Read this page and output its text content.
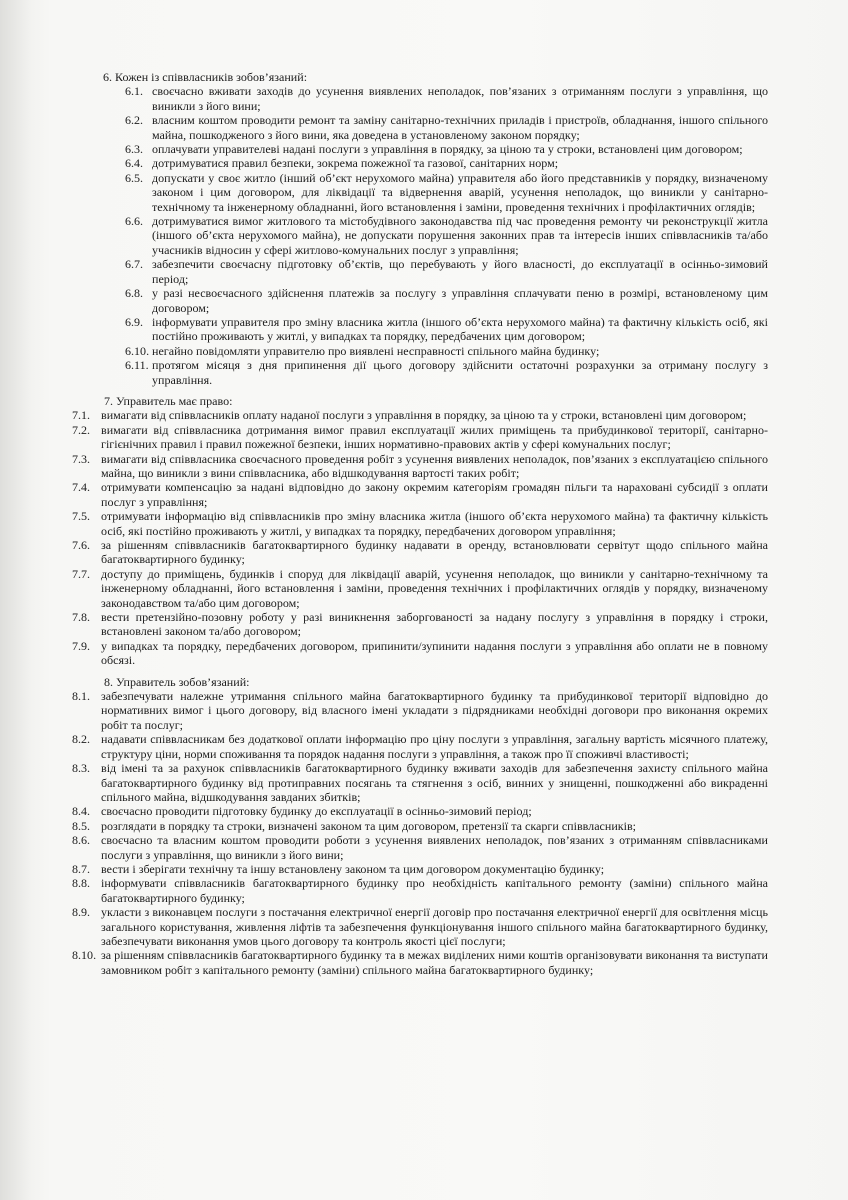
6. Кожен із співвласників зобов’язаний:

6.1. своєчасно вживати заходів до усунення виявлених неполадок, пов’язаних з отриманням послуги з управління, що виникли з його вини;

6.2. власним коштом проводити ремонт та заміну санітарно-технічних приладів і пристроїв, обладнання, іншого спільного майна, пошкодженого з його вини, яка доведена в установленому законом порядку;

6.3. оплачувати управителеві надані послуги з управління в порядку, за ціною та у строки, встановлені цим договором;

6.4. дотримуватися правил безпеки, зокрема пожежної та газової, санітарних норм;

6.5. допускати у своє житло (інший об’єкт нерухомого майна) управителя або його представників у порядку, визначеному законом і цим договором, для ліквідації та відвернення аварій, усунення неполадок, що виникли у санітарно-технічному та інженерному обладнанні, його встановлення і заміни, проведення технічних і профілактичних оглядів;

6.6. дотримуватися вимог житлового та містобудівного законодавства під час проведення ремонту чи реконструкції житла (іншого об’єкта нерухомого майна), не допускати порушення законних прав та інтересів інших співвласників та/або учасників відносин у сфері житлово-комунальних послуг з управління;

6.7. забезпечити своєчасну підготовку об’єктів, що перебувають у його власності, до експлуатації в осінньо-зимовий період;

6.8. у разі несвоєчасного здійснення платежів за послугу з управління сплачувати пеню в розмірі, встановленому цим договором;

6.9. інформувати управителя про зміну власника житла (іншого об’єкта нерухомого майна) та фактичну кількість осіб, які постійно проживають у житлі, у випадках та порядку, передбачених цим договором;

6.10. негайно повідомляти управителю про виявлені несправності спільного майна будинку;

6.11. протягом місяця з дня припинення дії цього договору здійснити остаточні розрахунки за отриману послугу з управління.

7. Управитель має право:

7.1. вимагати від співвласників оплату наданої послуги з управління в порядку, за ціною та у строки, встановлені цим договором;

7.2. вимагати від співвласника дотримання вимог правил експлуатації жилих приміщень та прибудинкової території, санітарно-гігієнічних правил і правил пожежної безпеки, інших нормативно-правових актів у сфері комунальних послуг;

7.3. вимагати від співвласника своєчасного проведення робіт з усунення виявлених неполадок, пов’язаних з експлуатацією спільного майна, що виникли з вини співвласника, або відшкодування вартості таких робіт;

7.4. отримувати компенсацію за надані відповідно до закону окремим категоріям громадян пільги та нараховані субсидії з оплати послуг з управління;

7.5. отримувати інформацію від співвласників про зміну власника житла (іншого об’єкта нерухомого майна) та фактичну кількість осіб, які постійно проживають у житлі, у випадках та порядку, передбачених договором управління;

7.6. за рішенням співвласників багатоквартирного будинку надавати в оренду, встановлювати сервітут щодо спільного майна багатоквартирного будинку;

7.7. доступу до приміщень, будинків і споруд для ліквідації аварій, усунення неполадок, що виникли у санітарно-технічному та інженерному обладнанні, його встановлення і заміни, проведення технічних і профілактичних оглядів у порядку, визначеному законодавством та/або цим договором;

7.8. вести претензійно-позовну роботу у разі виникнення заборгованості за надану послугу з управління в порядку і строки, встановлені законом та/або договором;

7.9. у випадках та порядку, передбачених договором, припинити/зупинити надання послуги з управління або оплати не в повному обсязі.

8. Управитель зобов’язаний:

8.1. забезпечувати належне утримання спільного майна багатоквартирного будинку та прибудинкової території відповідно до нормативних вимог і цього договору, від власного імені укладати з підрядниками необхідні договори про виконання окремих робіт та послуг;

8.2. надавати співвласникам без додаткової оплати інформацію про ціну послуги з управління, загальну вартість місячного платежу, структуру ціни, норми споживання та порядок надання послуги з управління, а також про її споживчі властивості;

8.3. від імені та за рахунок співвласників багатоквартирного будинку вживати заходів для забезпечення захисту спільного майна багатоквартирного будинку від протиправних посягань та стягнення з осіб, винних у знищенні, пошкодженні або викраденні спільного майна, відшкодування завданих збитків;

8.4. своєчасно проводити підготовку будинку до експлуатації в осінньо-зимовий період;

8.5. розглядати в порядку та строки, визначені законом та цим договором, претензії та скарги співвласників;

8.6. своєчасно та власним коштом проводити роботи з усунення виявлених неполадок, пов’язаних з отриманням співвласниками послуги з управління, що виникли з його вини;

8.7. вести і зберігати технічну та іншу встановлену законом та цим договором документацію будинку;

8.8. інформувати співвласників багатоквартирного будинку про необхідність капітального ремонту (заміни) спільного майна багатоквартирного будинку;

8.9. укласти з виконавцем послуги з постачання електричної енергії договір про постачання електричної енергії для освітлення місць загального користування, живлення ліфтів та забезпечення функціонування іншого спільного майна багатоквартирного будинку, забезпечувати виконання умов цього договору та контроль якості цієї послуги;

8.10. за рішенням співвласників багатоквартирного будинку та в межах виділених ними коштів організовувати виконання та виступати замовником робіт з капітального ремонту (заміни) спільного майна багатоквартирного будинку;
